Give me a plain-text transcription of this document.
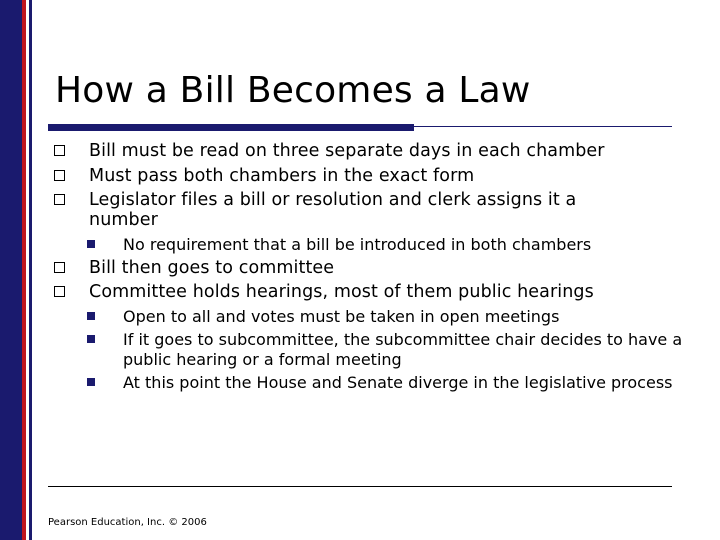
How a Bill Becomes a Law
Bill must be read on three separate days in each chamber
Must pass both chambers in the exact form
Legislator files a bill or resolution and clerk assigns it a number
No requirement that a bill be introduced in both chambers
Bill then goes to committee
Committee holds hearings, most of them public hearings
Open to all and votes must be taken in open meetings
If it goes to subcommittee, the subcommittee chair decides to have a public hearing or a formal meeting
At this point the House and Senate diverge in the legislative process
Pearson Education, Inc. © 2006
